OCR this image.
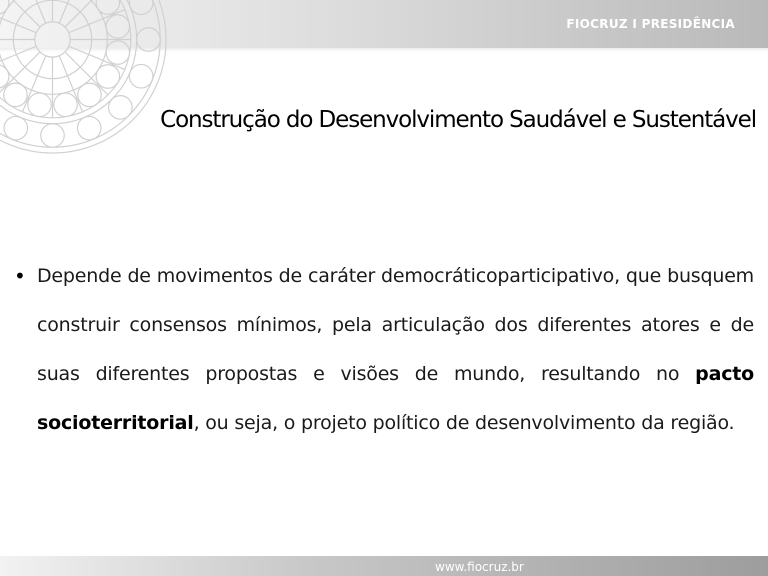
FIOCRUZ I PRESIDÊNCIA
Construção do Desenvolvimento Saudável e Sustentável
• Depende de movimentos de caráter democráticoparticipativo, que busquem construir consensos mínimos, pela articulação dos diferentes atores e de suas diferentes propostas e visões de mundo, resultando no pacto socioterritorial, ou seja, o projeto político de desenvolvimento da região.

www.fiocruz.br
